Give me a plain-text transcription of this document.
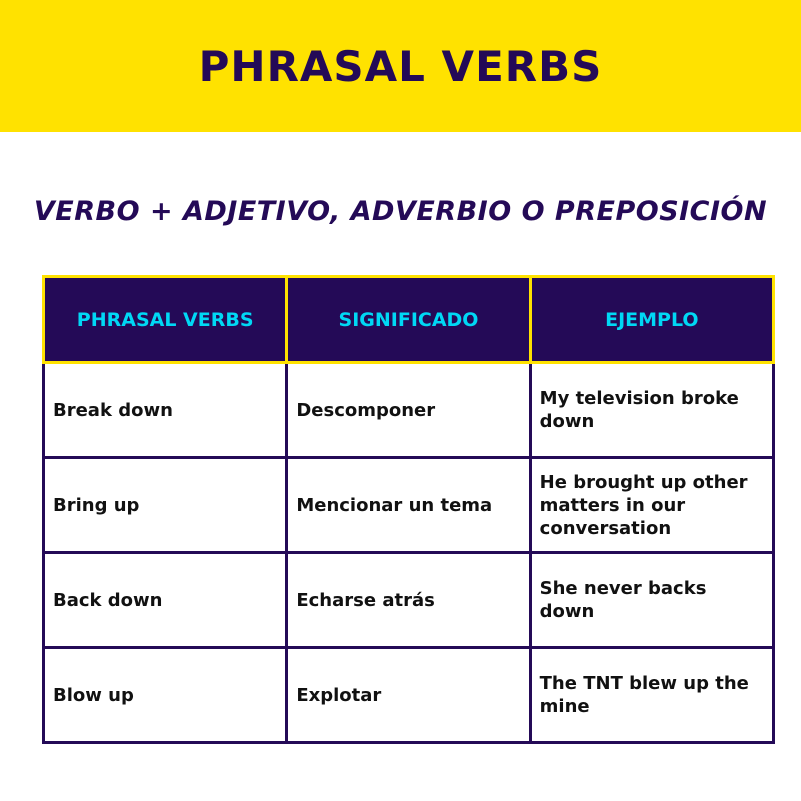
PHRASAL VERBS
VERBO + ADJETIVO, ADVERBIO O PREPOSICIÓN
PHRASAL VERBS	SIGNIFICADO	EJEMPLO
Break down	Descomponer	My television broke down
Bring up	Mencionar un tema	He brought up other matters in our conversation
Back down	Echarse atrás	She never backs down
Blow up	Explotar	The TNT blew up the mine
